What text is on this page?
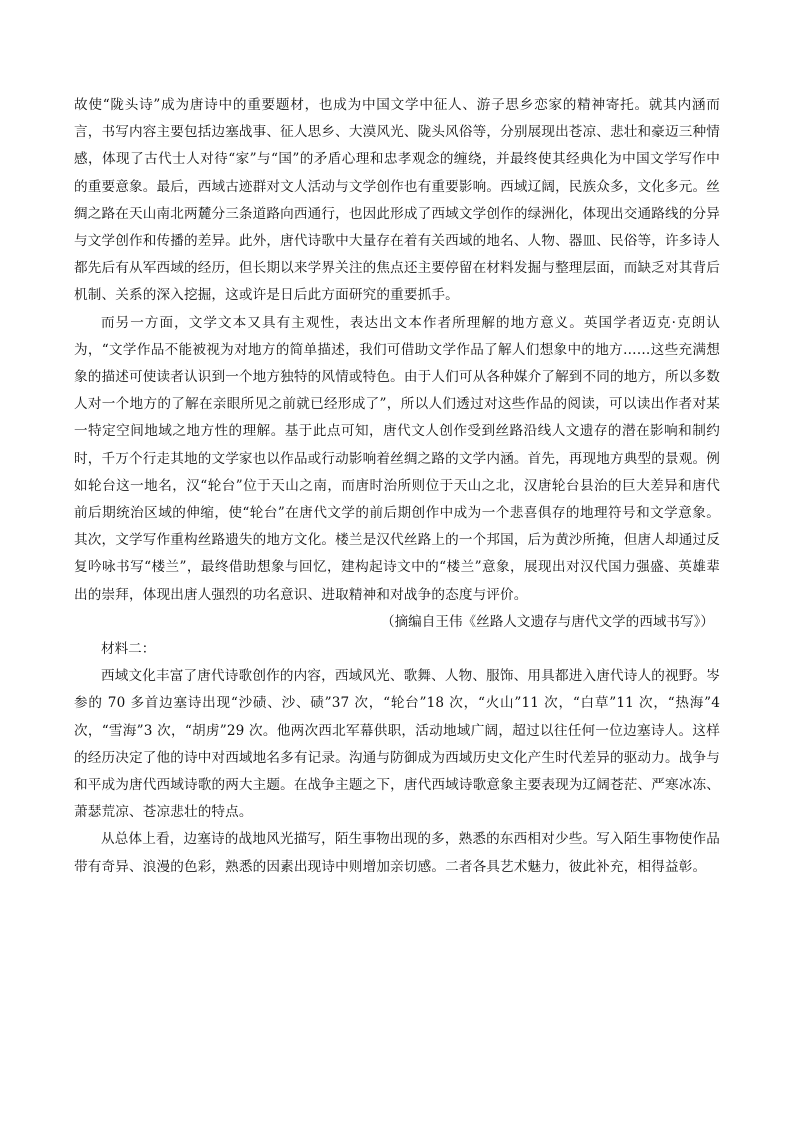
故使“陇头诗”成为唐诗中的重要题材，也成为中国文学中征人、游子思乡恋家的精神寄托。就其内涵而言，书写内容主要包括边塞战事、征人思乡、大漠风光、陇头风俗等，分别展现出苍凉、悲壮和豪迈三种情感，体现了古代士人对待“家”与“国”的矛盾心理和忠孝观念的缠绕，并最终使其经典化为中国文学写作中的重要意象。最后，西域古迹群对文人活动与文学创作也有重要影响。西域辽阔，民族众多，文化多元。丝绸之路在天山南北两麓分三条道路向西通行，也因此形成了西域文学创作的绿洲化，体现出交通路线的分异与文学创作和传播的差异。此外，唐代诗歌中大量存在着有关西域的地名、人物、器皿、民俗等，许多诗人都先后有从军西域的经历，但长期以来学界关注的焦点还主要停留在材料发掘与整理层面，而缺乏对其背后机制、关系的深入挖掘，这或许是日后此方面研究的重要抓手。

而另一方面，文学文本又具有主观性，表达出文本作者所理解的地方意义。英国学者迈克·克朗认为，“文学作品不能被视为对地方的简单描述，我们可借助文学作品了解人们想象中的地方……这些充满想象的描述可使读者认识到一个地方独特的风情或特色。由于人们可从各种媒介了解到不同的地方，所以多数人对一个地方的了解在亲眼所见之前就已经形成了”，所以人们透过对这些作品的阅读，可以读出作者对某一特定空间地域之地方性的理解。基于此点可知，唐代文人创作受到丝路沿线人文遗存的潜在影响和制约时，千万个行走其地的文学家也以作品或行动影响着丝绸之路的文学内涵。首先，再现地方典型的景观。例如轮台这一地名，汉“轮台”位于天山之南，而唐时治所则位于天山之北，汉唐轮台县治的巨大差异和唐代前后期统治区域的伸缩，使“轮台”在唐代文学的前后期创作中成为一个悲喜俱存的地理符号和文学意象。其次，文学写作重构丝路遗失的地方文化。楼兰是汉代丝路上的一个邦国，后为黄沙所掩，但唐人却通过反复吟咏书写“楼兰”，最终借助想象与回忆，建构起诗文中的“楼兰”意象，展现出对汉代国力强盛、英雄辈出的崇拜，体现出唐人强烈的功名意识、进取精神和对战争的态度与评价。

（摘编自王伟《丝路人文遗存与唐代文学的西域书写》）

材料二：

西域文化丰富了唐代诗歌创作的内容，西域风光、歌舞、人物、服饰、用具都进入唐代诗人的视野。岑参的 70 多首边塞诗出现“沙碛、沙、碛”37 次，“轮台”18 次，“火山”11 次，“白草”11 次，“热海”4 次，“雪海”3 次，“胡虏”29 次。他两次西北军幕供职，活动地域广阔，超过以往任何一位边塞诗人。这样的经历决定了他的诗中对西域地名多有记录。沟通与防御成为西域历史文化产生时代差异的驱动力。战争与和平成为唐代西域诗歌的两大主题。在战争主题之下，唐代西域诗歌意象主要表现为辽阔苍茫、严寒冰冻、萧瑟荒凉、苍凉悲壮的特点。

从总体上看，边塞诗的战地风光描写，陌生事物出现的多，熟悉的东西相对少些。写入陌生事物使作品带有奇异、浪漫的色彩，熟悉的因素出现诗中则增加亲切感。二者各具艺术魅力，彼此补充，相得益彰。
